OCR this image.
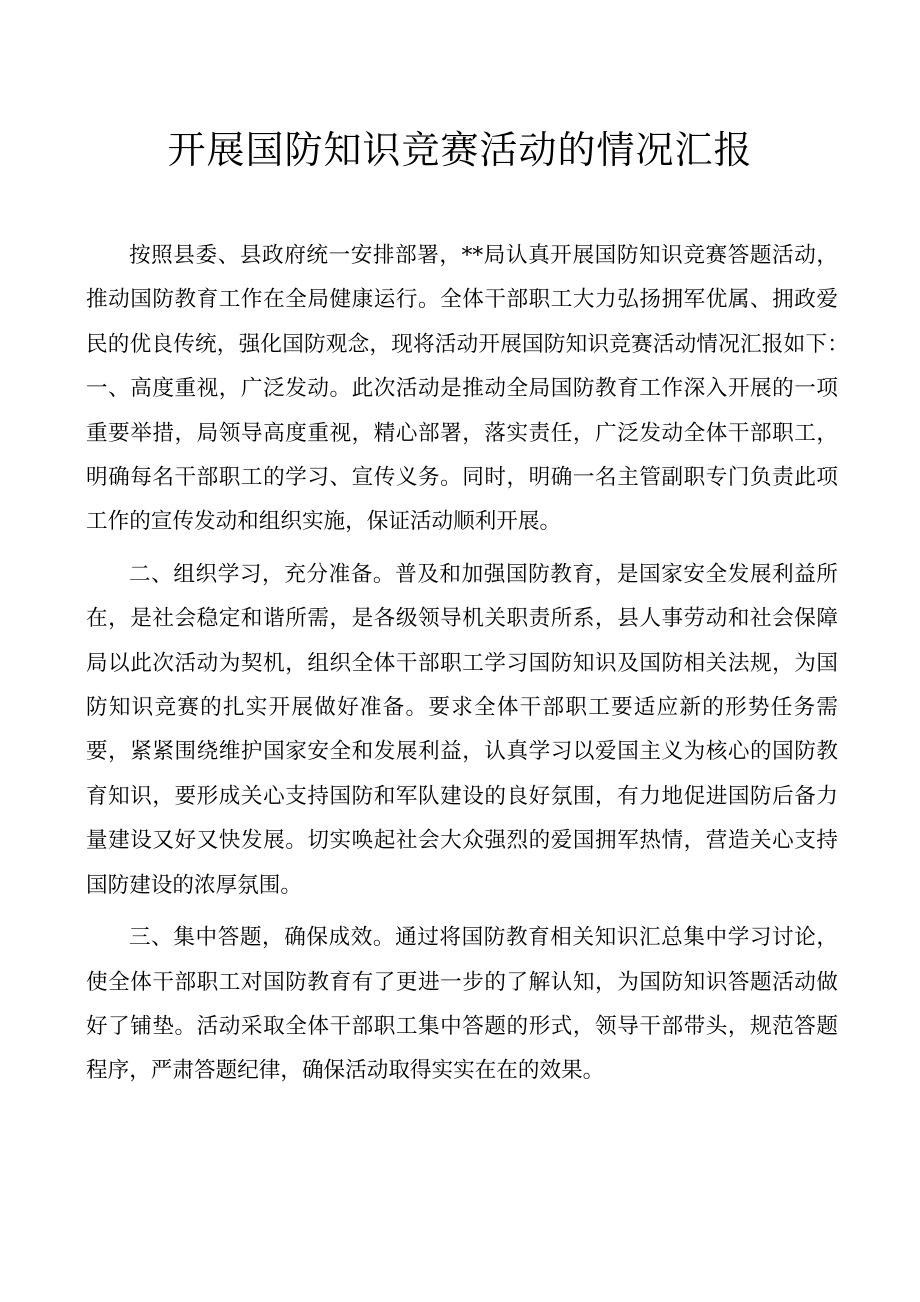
开展国防知识竞赛活动的情况汇报

按照县委、县政府统一安排部署，**局认真开展国防知识竞赛答题活动，推动国防教育工作在全局健康运行。全体干部职工大力弘扬拥军优属、拥政爱民的优良传统，强化国防观念，现将活动开展国防知识竞赛活动情况汇报如下：　一、高度重视，广泛发动。此次活动是推动全局国防教育工作深入开展的一项重要举措，局领导高度重视，精心部署，落实责任，广泛发动全体干部职工，明确每名干部职工的学习、宣传义务。同时，明确一名主管副职专门负责此项工作的宣传发动和组织实施，保证活动顺利开展。

二、组织学习，充分准备。普及和加强国防教育，是国家安全发展利益所在，是社会稳定和谐所需，是各级领导机关职责所系，县人事劳动和社会保障局以此次活动为契机，组织全体干部职工学习国防知识及国防相关法规，为国防知识竞赛的扎实开展做好准备。要求全体干部职工要适应新的形势任务需要，紧紧围绕维护国家安全和发展利益，认真学习以爱国主义为核心的国防教育知识，要形成关心支持国防和军队建设的良好氛围，有力地促进国防后备力量建设又好又快发展。切实唤起社会大众强烈的爱国拥军热情，营造关心支持国防建设的浓厚氛围。

三、集中答题，确保成效。通过将国防教育相关知识汇总集中学习讨论，使全体干部职工对国防教育有了更进一步的了解认知，为国防知识答题活动做好了铺垫。活动采取全体干部职工集中答题的形式，领导干部带头，规范答题程序，严肃答题纪律，确保活动取得实实在在的效果。
